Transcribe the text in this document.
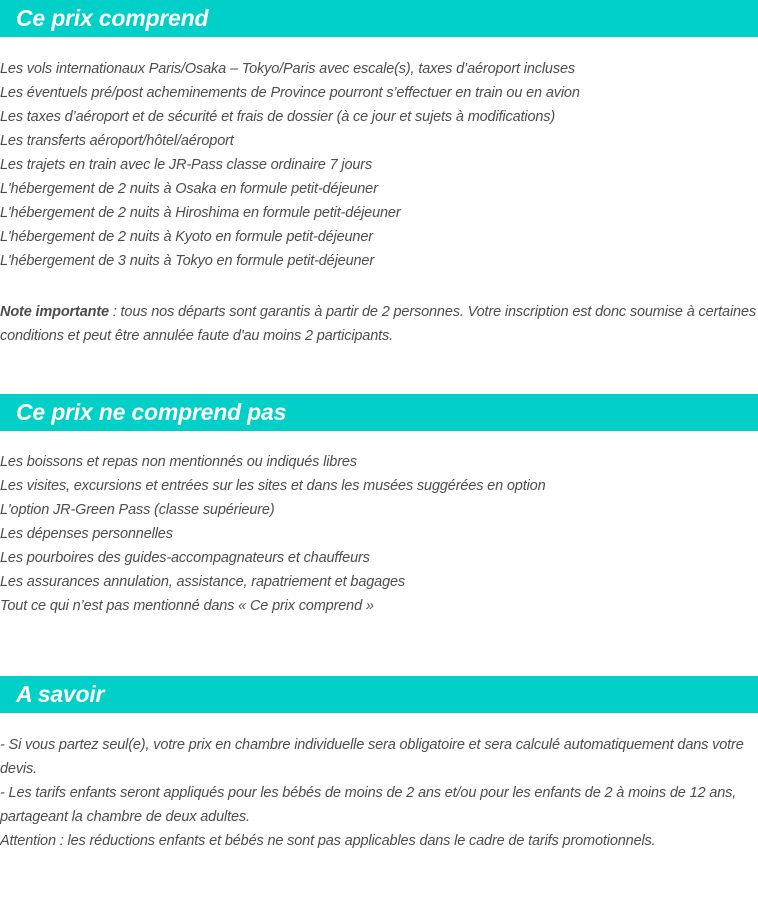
Ce prix comprend
Les vols internationaux Paris/Osaka – Tokyo/Paris avec escale(s), taxes d’aéroport incluses
Les éventuels pré/post acheminements de Province pourront s’effectuer en train ou en avion
Les taxes d’aéroport et de sécurité et frais de dossier (à ce jour et sujets à modifications)
Les transferts aéroport/hôtel/aéroport
Les trajets en train avec le JR-Pass classe ordinaire 7 jours
L'hébergement de 2 nuits à Osaka en formule petit-déjeuner
L'hébergement de 2 nuits à Hiroshima en formule petit-déjeuner
L'hébergement de 2 nuits à Kyoto en formule petit-déjeuner
L'hébergement de 3 nuits à Tokyo en formule petit-déjeuner

Note importante : tous nos départs sont garantis à partir de 2 personnes. Votre inscription est donc soumise à certaines conditions et peut être annulée faute d'au moins 2 participants.

Ce prix ne comprend pas
Les boissons et repas non mentionnés ou indiqués libres
Les visites, excursions et entrées sur les sites et dans les musées suggérées en option
L'option JR-Green Pass (classe supérieure)
Les dépenses personnelles
Les pourboires des guides-accompagnateurs et chauffeurs
Les assurances annulation, assistance, rapatriement et bagages
Tout ce qui n’est pas mentionné dans « Ce prix comprend »
A savoir

- Si vous partez seul(e), votre prix en chambre individuelle sera obligatoire et sera calculé automatiquement dans votre devis.

- Les tarifs enfants seront appliqués pour les bébés de moins de 2 ans et/ou pour les enfants de 2 à moins de 12 ans, partageant la chambre de deux adultes.

Attention : les réductions enfants et bébés ne sont pas applicables dans le cadre de tarifs promotionnels.
